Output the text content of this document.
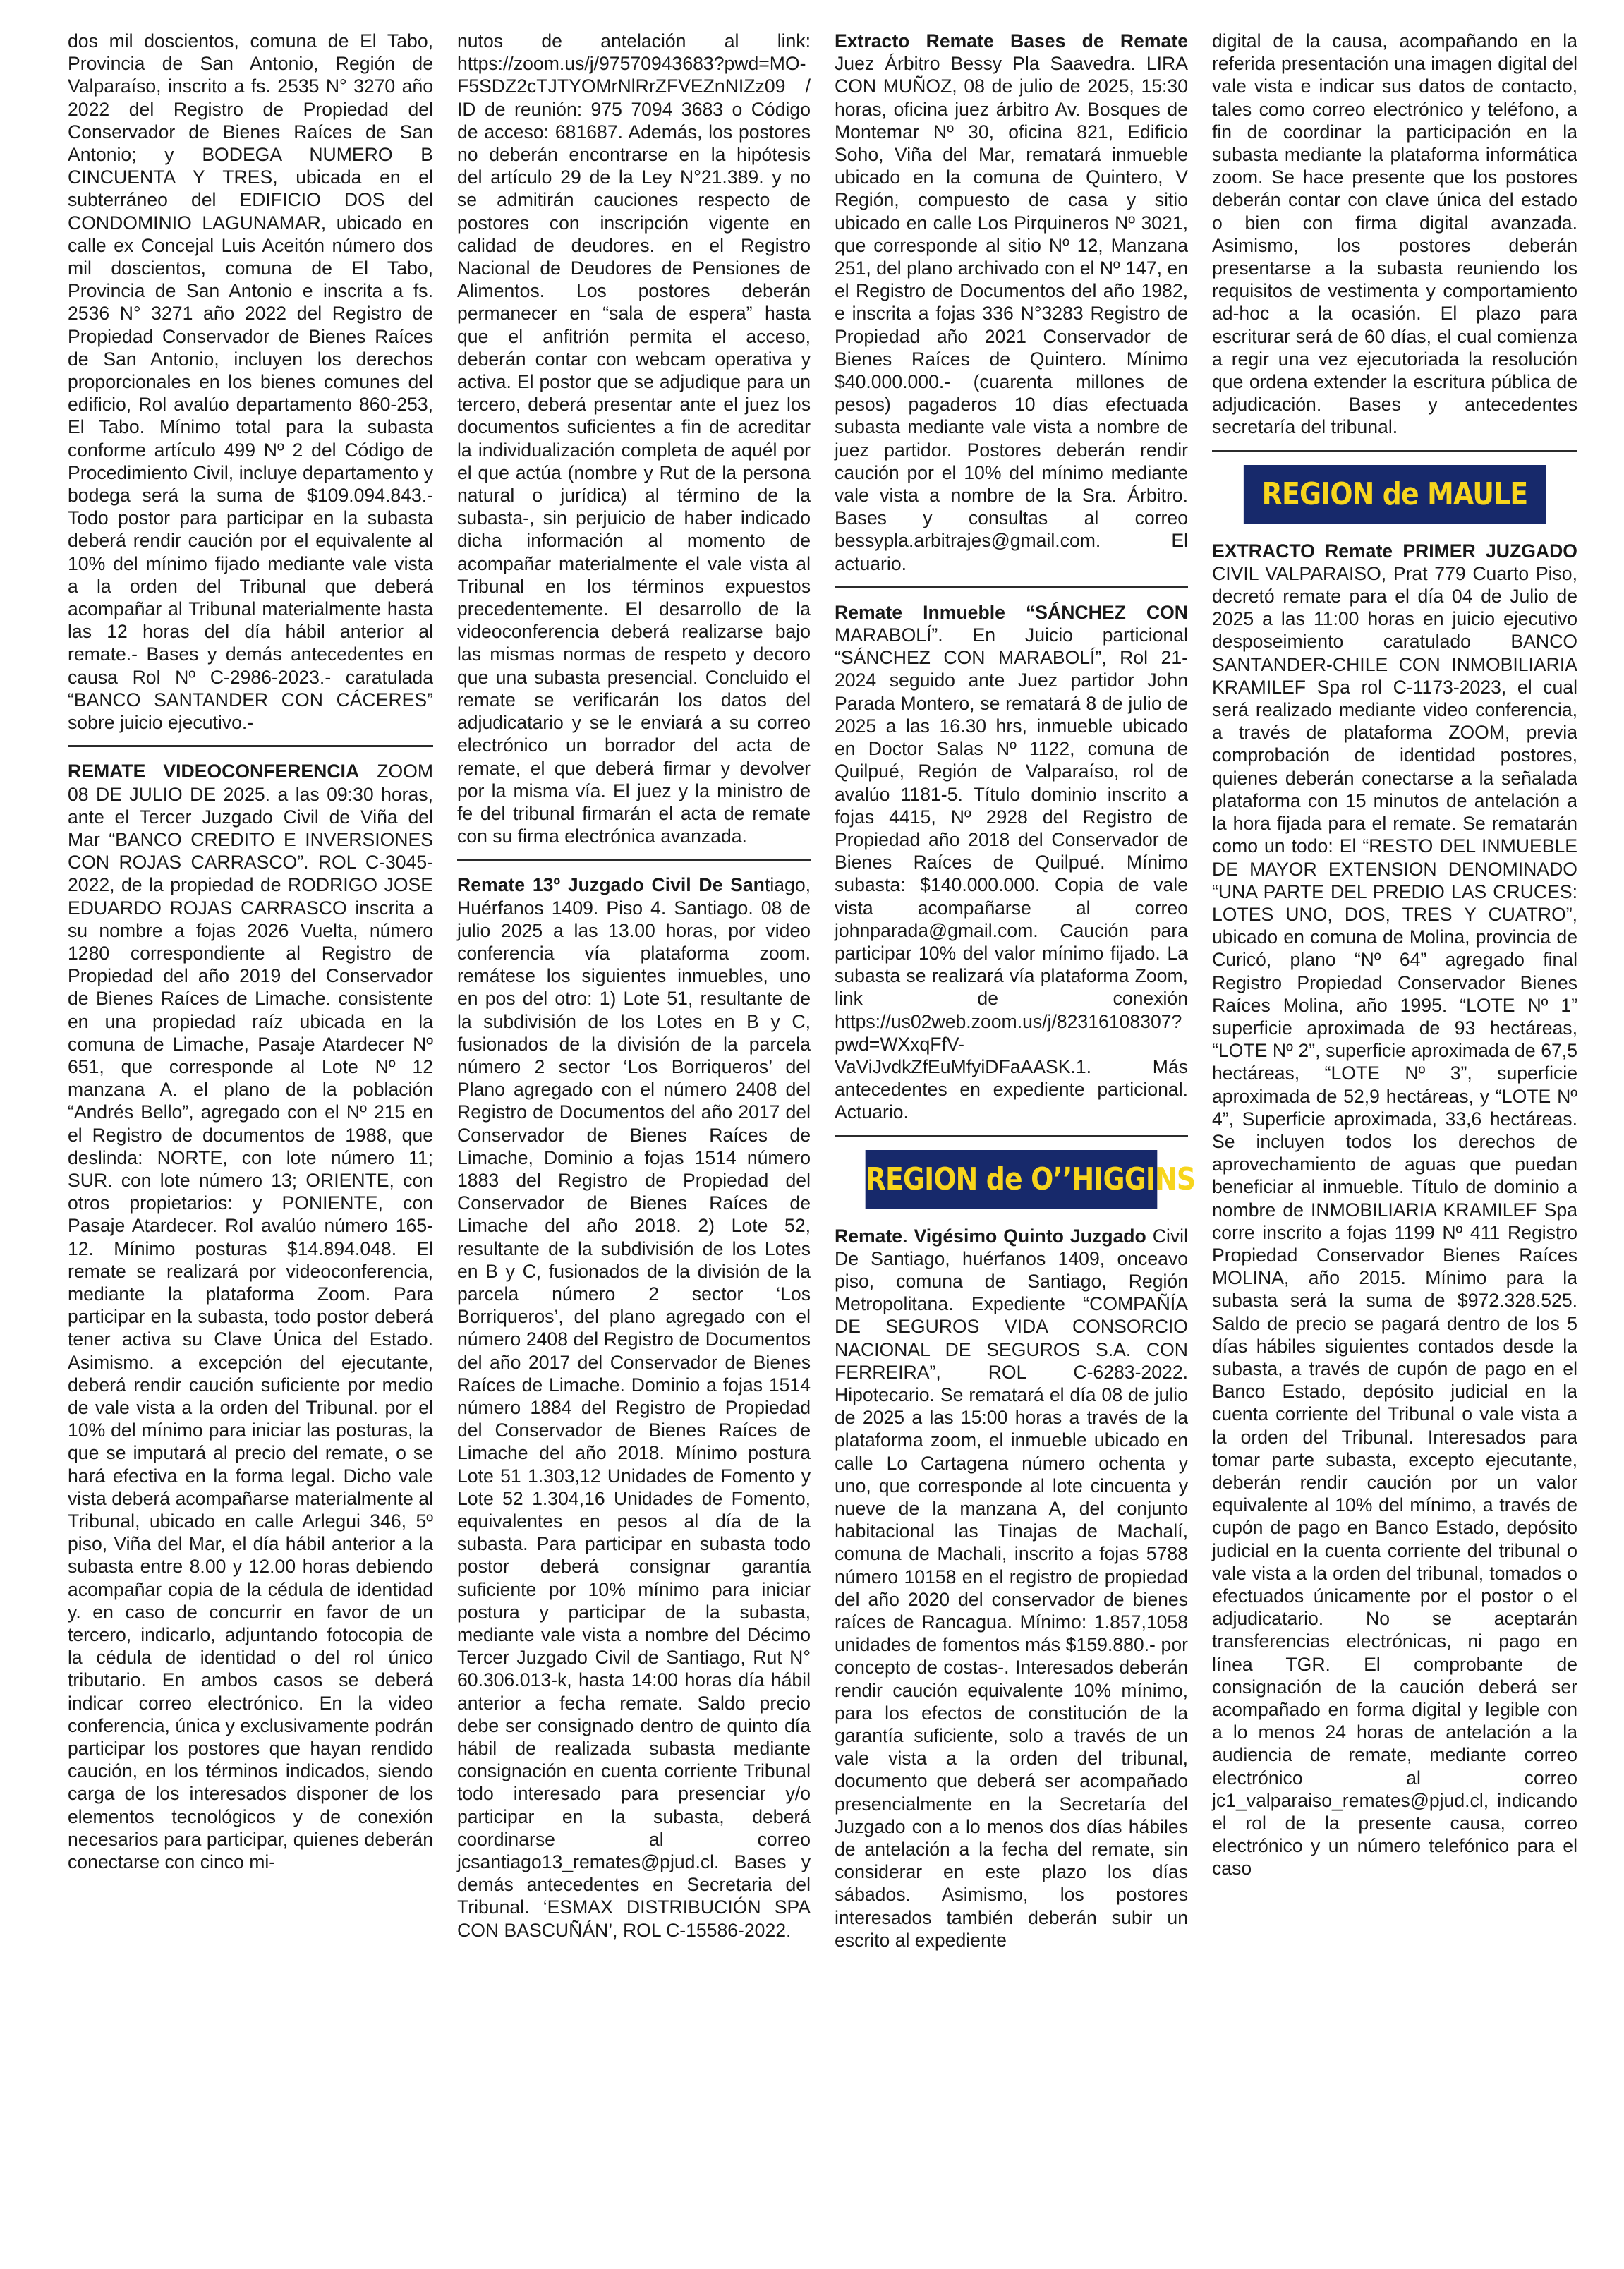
dos mil doscientos, comuna de El Tabo, Provincia de San Antonio, Región de Valparaíso, inscrito a fs. 2535 N° 3270 año 2022 del Registro de Propiedad del Conservador de Bienes Raíces de San Antonio; y BODEGA NUMERO B CINCUENTA Y TRES, ubicada en el subterráneo del EDIFICIO DOS del CONDOMINIO LAGUNAMAR, ubicado en calle ex Concejal Luis Aceitón número dos mil doscientos, comuna de El Tabo, Provincia de San Antonio e inscrita a fs. 2536 N° 3271 año 2022 del Registro de Propiedad Conservador de Bienes Raíces de San Antonio, incluyen los derechos proporcionales en los bienes comunes del edificio, Rol avalúo departamento 860-253, El Tabo. Mínimo total para la subasta conforme artículo 499 Nº 2 del Código de Procedimiento Civil, incluye departamento y bodega será la suma de $109.094.843.- Todo postor para participar en la subasta deberá rendir caución por el equivalente al 10% del mínimo fijado mediante vale vista a la orden del Tribunal que deberá acompañar al Tribunal materialmente hasta las 12 horas del día hábil anterior al remate.- Bases y demás antecedentes en causa Rol Nº C-2986-2023.- caratulada “BANCO SANTANDER CON CÁCERES” sobre juicio ejecutivo.-

REMATE VIDEOCONFERENCIA ZOOM 08 DE JULIO DE 2025. a las 09:30 horas, ante el Tercer Juzgado Civil de Viña del Mar “BANCO CREDITO E INVERSIONES CON ROJAS CARRASCO”. ROL C-3045-2022, de la propiedad de RODRIGO JOSE EDUARDO ROJAS CARRASCO inscrita a su nombre a fojas 2026 Vuelta, número 1280 correspondiente al Registro de Propiedad del año 2019 del Conservador de Bienes Raíces de Limache. consistente en una propiedad raíz ubicada en la comuna de Limache, Pasaje Atardecer Nº 651, que corresponde al Lote Nº 12 manzana A. el plano de la población “Andrés Bello”, agregado con el Nº 215 en el Registro de documentos de 1988, que deslinda: NORTE, con lote número 11; SUR. con lote número 13; ORIENTE, con otros propietarios: y PONIENTE, con Pasaje Atardecer. Rol avalúo número 165-12. Mínimo posturas $14.894.048. El remate se realizará por videoconferencia, mediante la plataforma Zoom. Para participar en la subasta, todo postor deberá tener activa su Clave Única del Estado. Asimismo. a excepción del ejecutante, deberá rendir caución suficiente por medio de vale vista a la orden del Tribunal. por el 10% del mínimo para iniciar las posturas, la que se imputará al precio del remate, o se hará efectiva en la forma legal. Dicho vale vista deberá acompañarse materialmente al Tribunal, ubicado en calle Arlegui 346, 5º piso, Viña del Mar, el día hábil anterior a la subasta entre 8.00 y 12.00 horas debiendo acompañar copia de la cédula de identidad y. en caso de concurrir en favor de un tercero, indicarlo, adjuntando fotocopia de la cédula de identidad o del rol único tributario. En ambos casos se deberá indicar correo electrónico. En la video conferencia, única y exclusivamente podrán participar los postores que hayan rendido caución, en los términos indicados, siendo carga de los interesados disponer de los elementos tecnológicos y de conexión necesarios para participar, quienes deberán conectarse con cinco mi-

nutos de antelación al link: https://zoom.us/j/97570943683?pwd=MO-F5SDZ2cTJTYOMrNlRrZFVEZnNIZz09 / ID de reunión: 975 7094 3683 o Código de acceso: 681687. Además, los postores no deberán encontrarse en la hipótesis del artículo 29 de la Ley N°21.389. y no se admitirán cauciones respecto de postores con inscripción vigente en calidad de deudores. en el Registro Nacional de Deudores de Pensiones de Alimentos. Los postores deberán permanecer en “sala de espera” hasta que el anfitrión permita el acceso, deberán contar con webcam operativa y activa. El postor que se adjudique para un tercero, deberá presentar ante el juez los documentos suficientes a fin de acreditar la individualización completa de aquél por el que actúa (nombre y Rut de la persona natural o jurídica) al término de la subasta-, sin perjuicio de haber indicado dicha información al momento de acompañar materialmente el vale vista al Tribunal en los términos expuestos precedentemente. El desarrollo de la videoconferencia deberá realizarse bajo las mismas normas de respeto y decoro que una subasta presencial. Concluido el remate se verificarán los datos del adjudicatario y se le enviará a su correo electrónico un borrador del acta de remate, el que deberá firmar y devolver por la misma vía. El juez y la ministro de fe del tribunal firmarán el acta de remate con su firma electrónica avanzada.

Remate 13º Juzgado Civil De Santiago, Huérfanos 1409. Piso 4. Santiago. 08 de julio 2025 a las 13.00 horas, por video conferencia vía plataforma zoom. remátese los siguientes inmuebles, uno en pos del otro: 1) Lote 51, resultante de la subdivisión de los Lotes en B y C, fusionados de la división de la parcela número 2 sector ‘Los Borriqueros’ del Plano agregado con el número 2408 del Registro de Documentos del año 2017 del Conservador de Bienes Raíces de Limache, Dominio a fojas 1514 número 1883 del Registro de Propiedad del Conservador de Bienes Raíces de Limache del año 2018. 2) Lote 52, resultante de la subdivisión de los Lotes en B y C, fusionados de la división de la parcela número 2 sector ‘Los Borriqueros’, del plano agregado con el número 2408 del Registro de Documentos del año 2017 del Conservador de Bienes Raíces de Limache. Dominio a fojas 1514 número 1884 del Registro de Propiedad del Conservador de Bienes Raíces de Limache del año 2018. Mínimo postura Lote 51 1.303,12 Unidades de Fomento y Lote 52 1.304,16 Unidades de Fomento, equivalentes en pesos al día de la subasta. Para participar en subasta todo postor deberá consignar garantía suficiente por 10% mínimo para iniciar postura y participar de la subasta, mediante vale vista a nombre del Décimo Tercer Juzgado Civil de Santiago, Rut N° 60.306.013-k, hasta 14:00 horas día hábil anterior a fecha remate. Saldo precio debe ser consignado dentro de quinto día hábil de realizada subasta mediante consignación en cuenta corriente Tribunal todo interesado para presenciar y/o participar en la subasta, deberá coordinarse al correo jcsantiago13_remates@pjud.cl. Bases y demás antecedentes en Secretaria del Tribunal. ‘ESMAX DISTRIBUCIÓN SPA CON BASCUÑÁN’, ROL C-15586-2022.

Extracto Remate Bases de Remate Juez Árbitro Bessy Pla Saavedra. LIRA CON MUÑOZ, 08 de julio de 2025, 15:30 horas, oficina juez árbitro Av. Bosques de Montemar Nº 30, oficina 821, Edificio Soho, Viña del Mar, rematará inmueble ubicado en la comuna de Quintero, V Región, compuesto de casa y sitio ubicado en calle Los Pirquineros Nº 3021, que corresponde al sitio Nº 12, Manzana 251, del plano archivado con el Nº 147, en el Registro de Documentos del año 1982, e inscrita a fojas 336 N°3283 Registro de Propiedad año 2021 Conservador de Bienes Raíces de Quintero. Mínimo $40.000.000.- (cuarenta millones de pesos) pagaderos 10 días efectuada subasta mediante vale vista a nombre de juez partidor. Postores deberán rendir caución por el 10% del mínimo mediante vale vista a nombre de la Sra. Árbitro. Bases y consultas al correo bessypla.arbitrajes@gmail.com. El actuario.

Remate Inmueble “SÁNCHEZ CON MARABOLÍ”. En Juicio particional “SÁNCHEZ CON MARABOLÍ”, Rol 21-2024 seguido ante Juez partidor John Parada Montero, se rematará 8 de julio de 2025 a las 16.30 hrs, inmueble ubicado en Doctor Salas Nº 1122, comuna de Quilpué, Región de Valparaíso, rol de avalúo 1181-5. Título dominio inscrito a fojas 4415, Nº 2928 del Registro de Propiedad año 2018 del Conservador de Bienes Raíces de Quilpué. Mínimo subasta: $140.000.000. Copia de vale vista acompañarse al correo johnparada@gmail.com. Caución para participar 10% del valor mínimo fijado. La subasta se realizará vía plataforma Zoom, link de conexión https://us02web.zoom.us/j/82316108307?pwd=WXxqFfV-VaViJvdkZfEuMfyiDFaAASK.1. Más antecedentes en expediente particional. Actuario.

REGION de O’’HIGGINS

Remate. Vigésimo Quinto Juzgado Civil De Santiago, huérfanos 1409, onceavo piso, comuna de Santiago, Región Metropolitana. Expediente “COMPAÑÍA DE SEGUROS VIDA CONSORCIO NACIONAL DE SEGUROS S.A. CON FERREIRA”, ROL C-6283-2022. Hipotecario. Se rematará el día 08 de julio de 2025 a las 15:00 horas a través de la plataforma zoom, el inmueble ubicado en calle Lo Cartagena número ochenta y uno, que corresponde al lote cincuenta y nueve de la manzana A, del conjunto habitacional las Tinajas de Machalí, comuna de Machali, inscrito a fojas 5788 número 10158 en el registro de propiedad del año 2020 del conservador de bienes raíces de Rancagua. Mínimo: 1.857,1058 unidades de fomentos más $159.880.- por concepto de costas-. Interesados deberán rendir caución equivalente 10% mínimo, para los efectos de constitución de la garantía suficiente, solo a través de un vale vista a la orden del tribunal, documento que deberá ser acompañado presencialmente en la Secretaría del Juzgado con a lo menos dos días hábiles de antelación a la fecha del remate, sin considerar en este plazo los días sábados. Asimismo, los postores interesados también deberán subir un escrito al expediente

digital de la causa, acompañando en la referida presentación una imagen digital del vale vista e indicar sus datos de contacto, tales como correo electrónico y teléfono, a fin de coordinar la participación en la subasta mediante la plataforma informática zoom. Se hace presente que los postores deberán contar con clave única del estado o bien con firma digital avanzada. Asimismo, los postores deberán presentarse a la subasta reuniendo los requisitos de vestimenta y comportamiento ad-hoc a la ocasión. El plazo para escriturar será de 60 días, el cual comienza a regir una vez ejecutoriada la resolución que ordena extender la escritura pública de adjudicación. Bases y antecedentes secretaría del tribunal.

REGION de MAULE

EXTRACTO Remate PRIMER JUZGADO CIVIL VALPARAISO, Prat 779 Cuarto Piso, decretó remate para el día 04 de Julio de 2025 a las 11:00 horas en juicio ejecutivo desposeimiento caratulado BANCO SANTANDER-CHILE CON INMOBILIARIA KRAMILEF Spa rol C-1173-2023, el cual será realizado mediante video conferencia, a través de plataforma ZOOM, previa comprobación de identidad postores, quienes deberán conectarse a la señalada plataforma con 15 minutos de antelación a la hora fijada para el remate. Se rematarán como un todo: El “RESTO DEL INMUEBLE DE MAYOR EXTENSION DENOMINADO “UNA PARTE DEL PREDIO LAS CRUCES: LOTES UNO, DOS, TRES Y CUATRO”, ubicado en comuna de Molina, provincia de Curicó, plano “Nº 64” agregado final Registro Propiedad Conservador Bienes Raíces Molina, año 1995. “LOTE Nº 1” superficie aproximada de 93 hectáreas, “LOTE Nº 2”, superficie aproximada de 67,5 hectáreas, “LOTE Nº 3”, superficie aproximada de 52,9 hectáreas, y “LOTE Nº 4”, Superficie aproximada, 33,6 hectáreas. Se incluyen todos los derechos de aprovechamiento de aguas que puedan beneficiar al inmueble. Título de dominio a nombre de INMOBILIARIA KRAMILEF Spa corre inscrito a fojas 1199 Nº 411 Registro Propiedad Conservador Bienes Raíces MOLINA, año 2015. Mínimo para la subasta será la suma de $972.328.525. Saldo de precio se pagará dentro de los 5 días hábiles siguientes contados desde la subasta, a través de cupón de pago en el Banco Estado, depósito judicial en la cuenta corriente del Tribunal o vale vista a la orden del Tribunal. Interesados para tomar parte subasta, excepto ejecutante, deberán rendir caución por un valor equivalente al 10% del mínimo, a través de cupón de pago en Banco Estado, depósito judicial en la cuenta corriente del tribunal o vale vista a la orden del tribunal, tomados o efectuados únicamente por el postor o el adjudicatario. No se aceptarán transferencias electrónicas, ni pago en línea TGR. El comprobante de consignación de la caución deberá ser acompañado en forma digital y legible con a lo menos 24 horas de antelación a la audiencia de remate, mediante correo electrónico al correo jc1_valparaiso_remates@pjud.cl, indicando el rol de la presente causa, correo electrónico y un número telefónico para el caso
